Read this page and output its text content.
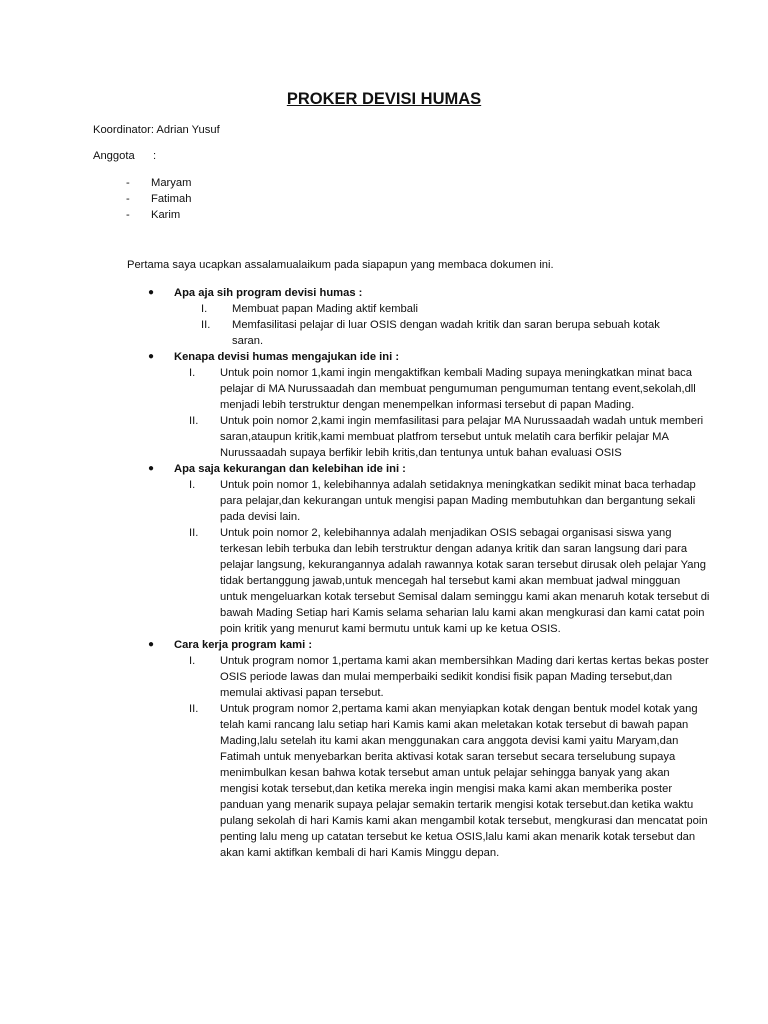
PROKER DEVISI HUMAS
Koordinator: Adrian Yusuf
Anggota :
- Maryam
- Fatimah
- Karim
Pertama saya ucapkan assalamualaikum pada siapapun yang membaca dokumen ini.
● Apa aja sih program devisi humas :
I. Membuat papan Mading aktif kembali
II. Memfasilitasi pelajar di luar OSIS dengan wadah kritik dan saran berupa sebuah kotak saran.
● Kenapa devisi humas mengajukan ide ini :
I. Untuk poin nomor 1,kami ingin mengaktifkan kembali Mading supaya meningkatkan minat baca pelajar di MA Nurussaadah dan membuat pengumuman pengumuman tentang event,sekolah,dll menjadi lebih terstruktur dengan menempelkan informasi tersebut di papan Mading.
II. Untuk poin nomor 2,kami ingin memfasilitasi para pelajar MA Nurussaadah wadah untuk memberi saran,ataupun kritik,kami membuat platfrom tersebut untuk melatih cara berfikir pelajar MA Nurussaadah supaya berfikir lebih kritis,dan tentunya untuk bahan evaluasi OSIS
● Apa saja kekurangan dan kelebihan ide ini :
I. Untuk poin nomor 1, kelebihannya adalah setidaknya meningkatkan sedikit minat baca terhadap para pelajar,dan kekurangan untuk mengisi papan Mading membutuhkan dan bergantung sekali pada devisi lain.
II. Untuk poin nomor 2, kelebihannya adalah menjadikan OSIS sebagai organisasi siswa yang terkesan lebih terbuka dan lebih terstruktur dengan adanya kritik dan saran langsung dari para pelajar langsung, kekurangannya adalah rawannya kotak saran tersebut dirusak oleh pelajar Yang tidak bertanggung jawab,untuk mencegah hal tersebut kami akan membuat jadwal mingguan untuk mengeluarkan kotak tersebut Semisal dalam seminggu kami akan menaruh kotak tersebut di bawah Mading Setiap hari Kamis selama seharian lalu kami akan mengkurasi dan kami catat poin poin kritik yang menurut kami bermutu untuk kami up ke ketua OSIS.
● Cara kerja program kami :
I. Untuk program nomor 1,pertama kami akan membersihkan Mading dari kertas kertas bekas poster OSIS periode lawas dan mulai memperbaiki sedikit kondisi fisik papan Mading tersebut,dan memulai aktivasi papan tersebut.
II. Untuk program nomor 2,pertama kami akan menyiapkan kotak dengan bentuk model kotak yang telah kami rancang lalu setiap hari Kamis kami akan meletakan kotak tersebut di bawah papan Mading,lalu setelah itu kami akan menggunakan cara anggota devisi kami yaitu Maryam,dan Fatimah untuk menyebarkan berita aktivasi kotak saran tersebut secara terselubung supaya menimbulkan kesan bahwa kotak tersebut aman untuk pelajar sehingga banyak yang akan mengisi kotak tersebut,dan ketika mereka ingin mengisi maka kami akan memberika poster panduan yang menarik supaya pelajar semakin tertarik mengisi kotak tersebut.dan ketika waktu pulang sekolah di hari Kamis kami akan mengambil kotak tersebut, mengkurasi dan mencatat poin penting lalu meng up catatan tersebut ke ketua OSIS,lalu kami akan menarik kotak tersebut dan akan kami aktifkan kembali di hari Kamis Minggu depan.
